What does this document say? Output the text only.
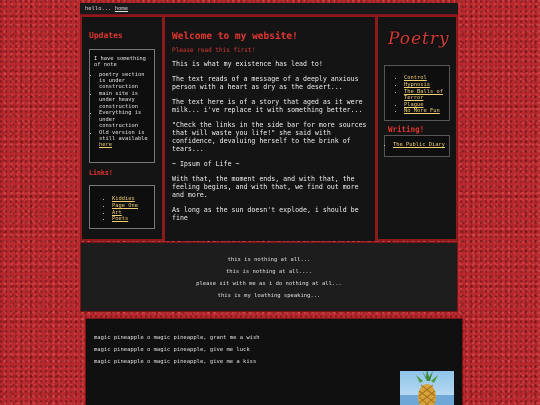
hello... home
Updates
I have something of note
• poetry section is under construction
• main site is under heavy construction
• Everything is under construction
• Old version is still available here
Links!
• Kiddies
• Page One
• Art
• Poets
Welcome to my website!
Please read this first!

This is what my existence has lead to!

The text reads of a message of a deeply anxious person with a heart as dry as the desert...

The text here is of a story that aged as it were milk... i've replace it with something better...

"Check the links in the side bar for more sources that will waste you life!" she said with confidence, devaluing herself to the brink of tears...

~ Ipsum of Life ~

With that, the moment ends, and with that, the feeling begins, and with that, we find out more and more.

As long as the sun doesn't explode, i should be fine

Poetry
• Control
• Hypnosis
• The Balls of Terror
• Plague
• No More Fun
Writing!
• The Public Diary
this is nothing at all...
this is nothing at all....
please sit with me as i do nothing at all...
this is my loathing speaking...
magic pineapple o magic pineapple, grant me a wish
magic pineapple o magic pineapple, give me luck
magic pineapple o magic pineapple, give me a kiss
